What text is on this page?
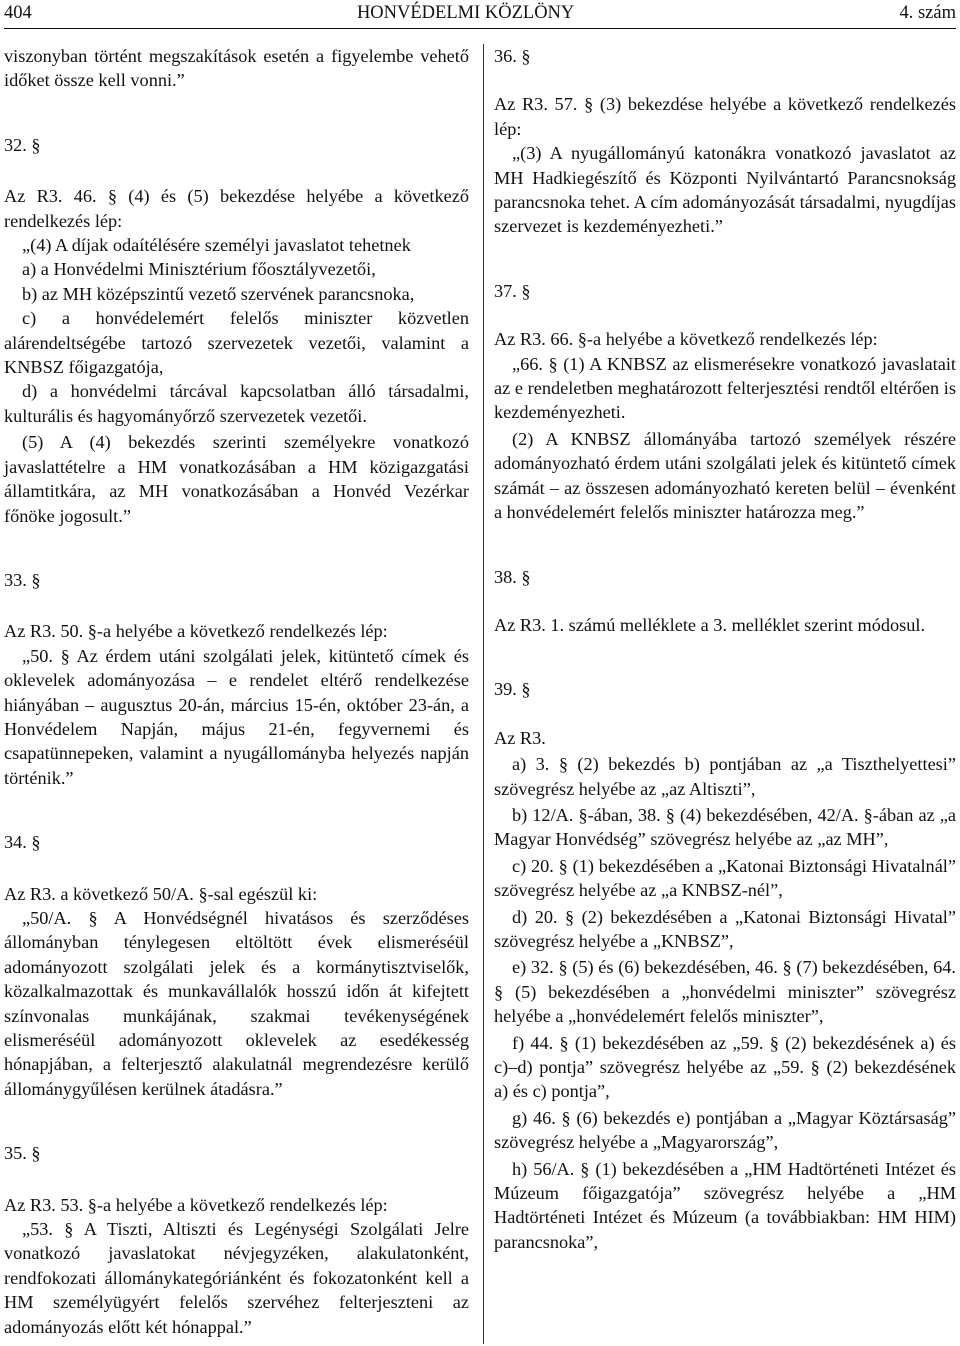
404	HONVÉDELMI KÖZLÖNY	4. szám

viszonyban történt megszakítások esetén a figyelembe vehető időket össze kell vonni.”

32. §

Az R3. 46. § (4) és (5) bekezdése helyébe a következő rendelkezés lép:

„(4) A díjak odaítélésére személyi javaslatot tehetnek

a) a Honvédelmi Minisztérium főosztályvezetői,

b) az MH középszintű vezető szervének parancsnoka,

c) a honvédelemért felelős miniszter közvetlen alárendeltségébe tartozó szervezetek vezetői, valamint a KNBSZ főigazgatója,

d) a honvédelmi tárcával kapcsolatban álló társadalmi, kulturális és hagyományőrző szervezetek vezetői.

(5) A (4) bekezdés szerinti személyekre vonatkozó javaslattételre a HM vonatkozásában a HM közigazgatási államtitkára, az MH vonatkozásában a Honvéd Vezérkar főnöke jogosult.”

33. §

Az R3. 50. §-a helyébe a következő rendelkezés lép:

„50. § Az érdem utáni szolgálati jelek, kitüntető címek és oklevelek adományozása – e rendelet eltérő rendelkezése hiányában – augusztus 20-án, március 15-én, október 23-án, a Honvédelem Napján, május 21-én, fegyvernemi és csapatünnepeken, valamint a nyugállományba helyezés napján történik.”

34. §

Az R3. a következő 50/A. §-sal egészül ki:

„50/A. § A Honvédségnél hivatásos és szerződéses állományban ténylegesen eltöltött évek elismeréséül adományozott szolgálati jelek és a kormánytisztviselők, közalkalmazottak és munkavállalók hosszú időn át kifejtett színvonalas munkájának, szakmai tevékenységének elismeréséül adományozott oklevelek az esedékesség hónapjában, a felterjesztő alakulatnál megrendezésre kerülő állománygyűlésen kerülnek átadásra.”

35. §

Az R3. 53. §-a helyébe a következő rendelkezés lép:

„53. § A Tiszti, Altiszti és Legénységi Szolgálati Jelre vonatkozó javaslatokat névjegyzéken, alakulatonként, rendfokozati állománykategóriánként és fokozatonként kell a HM személyügyért felelős szervéhez felterjeszteni az adományozás előtt két hónappal.”

36. §

Az R3. 57. § (3) bekezdése helyébe a következő rendelkezés lép:

„(3) A nyugállományú katonákra vonatkozó javaslatot az MH Hadkiegészítő és Központi Nyilvántartó Parancsnokság parancsnoka tehet. A cím adományozását társadalmi, nyugdíjas szervezet is kezdeményezheti.”

37. §

Az R3. 66. §-a helyébe a következő rendelkezés lép:

„66. § (1) A KNBSZ az elismerésekre vonatkozó javaslatait az e rendeletben meghatározott felterjesztési rendtől eltérően is kezdeményezheti.

(2) A KNBSZ állományába tartozó személyek részére adományozható érdem utáni szolgálati jelek és kitüntető címek számát – az összesen adományozható kereten belül – évenként a honvédelemért felelős miniszter határozza meg.”

38. §

Az R3. 1. számú melléklete a 3. melléklet szerint módosul.

39. §

Az R3.

a) 3. § (2) bekezdés b) pontjában az „a Tiszthelyettesi” szövegrész helyébe az „az Altiszti”,

b) 12/A. §-ában, 38. § (4) bekezdésében, 42/A. §-ában az „a Magyar Honvédség” szövegrész helyébe az „az MH”,

c) 20. § (1) bekezdésében a „Katonai Biztonsági Hivatalnál” szövegrész helyébe az „a KNBSZ-nél”,

d) 20. § (2) bekezdésében a „Katonai Biztonsági Hivatal” szövegrész helyébe a „KNBSZ”,

e) 32. § (5) és (6) bekezdésében, 46. § (7) bekezdésében, 64. § (5) bekezdésében a „honvédelmi miniszter” szövegrész helyébe a „honvédelemért felelős miniszter”,

f) 44. § (1) bekezdésében az „59. § (2) bekezdésének a) és c)–d) pontja” szövegrész helyébe az „59. § (2) bekezdésének a) és c) pontja”,

g) 46. § (6) bekezdés e) pontjában a „Magyar Köztársaság” szövegrész helyébe a „Magyarország”,

h) 56/A. § (1) bekezdésében a „HM Hadtörténeti Intézet és Múzeum főigazgatója” szövegrész helyébe a „HM Hadtörténeti Intézet és Múzeum (a továbbiakban: HM HIM) parancsnoka”,
